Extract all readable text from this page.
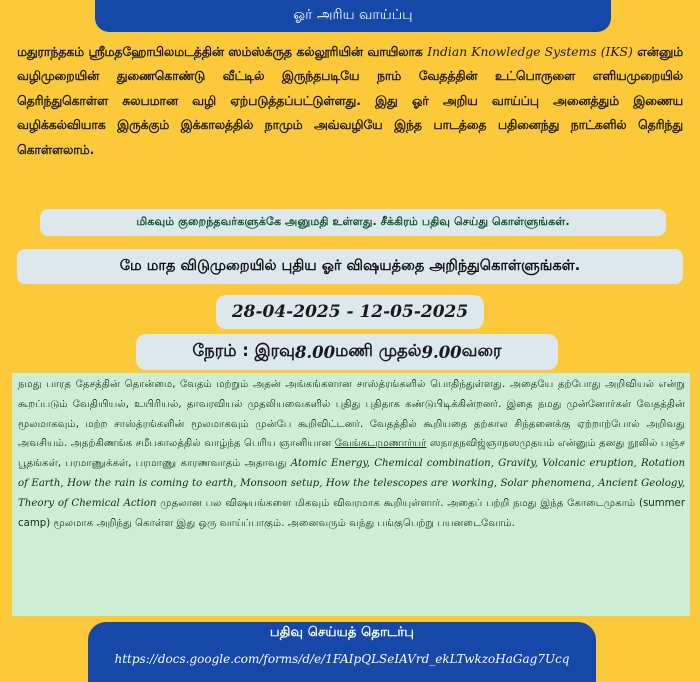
ஓர் அரிய வாய்ப்பு
மதுராந்தகம் ஸ்ரீமதஹோபிலமடத்தின் ஸம்ஸ்க்ருத கல்லூரியின் வாயிலாக Indian Knowledge Systems (IKS) என்னும் வழிமுறையின் துணைகொண்டு வீட்டில் இருந்தபடியே நாம் வேதத்தின் உட்பொருளை எளியமுறையில் தெரிந்துகொள்ள சுலபமான வழி ஏற்படுத்தப்பட்டுள்ளது. இது ஓர் அறிய வாய்ப்பு அனைத்தும் இணைய வழிக்கல்வியாக இருக்கும் இக்காலத்தில் நாமும் அவ்வழியே இந்த பாடத்தை பதினைந்து நாட்களில் தெரிந்து கொள்ளலாம்.
மிகவும் குறைந்தவர்களுக்கே அனுமதி உள்ளது. சீக்கிரம் பதிவு செய்து கொள்ளுங்கள்.
மே மாத விடுமுறையில் புதிய ஓர் விஷயத்தை அறிந்துகொள்ளுங்கள்.
28-04-2025 - 12-05-2025
நேரம் : இரவு 8.00 மணி முதல் 9.00 வரை
நமது பாரத தேசத்தின் தொன்மை, வேதம் மற்றும் அதன் அங்கங்களான சாஸ்த்ரங்களில் பொதிந்துள்ளது. அதையே தற்போது அறிவியல் என்று கூறப்படும் வேதியியல், உயிரியல், தாவரவியல் முதலியவைகளில் புதிது புதிதாக கண்டுபிடிக்கின்றனர். இதை நமது முன்னோர்கள் வேதத்தின் மூலமாகவும், மற்ற சாஸ்த்ரங்களின் மூலமாகவும் முன்பே கூறிவிட்டனர். வேதத்தில் கூறியதை தற்கால சிந்தனைக்கு ஏற்றாற்போல் அறிவது அவசியம். அதற்கிணங்க சமீபகாலத்தில் வாழ்ந்த பெரிய ஞானியான வேங்கடரமணார்யர் ஸநாதநவிஜ்ஞாநஸமுதயம் என்னும் தனது நூலில் பஞ்ச பூதங்கள், பரமாணுக்கள், பரமாணு காரணவாதம் அதாவது Atomic Energy, Chemical combination, Gravity, Volcanic eruption, Rotation of Earth, How the rain is coming to earth, Monsoon setup, How the telescopes are working, Solar phenomena, Ancient Geology, Theory of Chemical Action முதலான பல விஷயங்களை மிகவும் விவரமாக கூறியுள்ளார். அதைப் பற்றி நமது இந்த கோடைமுகாம் (summer camp) மூலமாக அறிந்து கொள்ள இது ஒரு வாய்ப்பாகும். அனைவரும் வந்து பங்குபெற்று பயனடைவோம்.
பதிவு செய்யத் தொடர்பு
https://docs.google.com/forms/d/e/1FAIpQLSeIAVrd_ekLTwkzoHaGag7Ucq
